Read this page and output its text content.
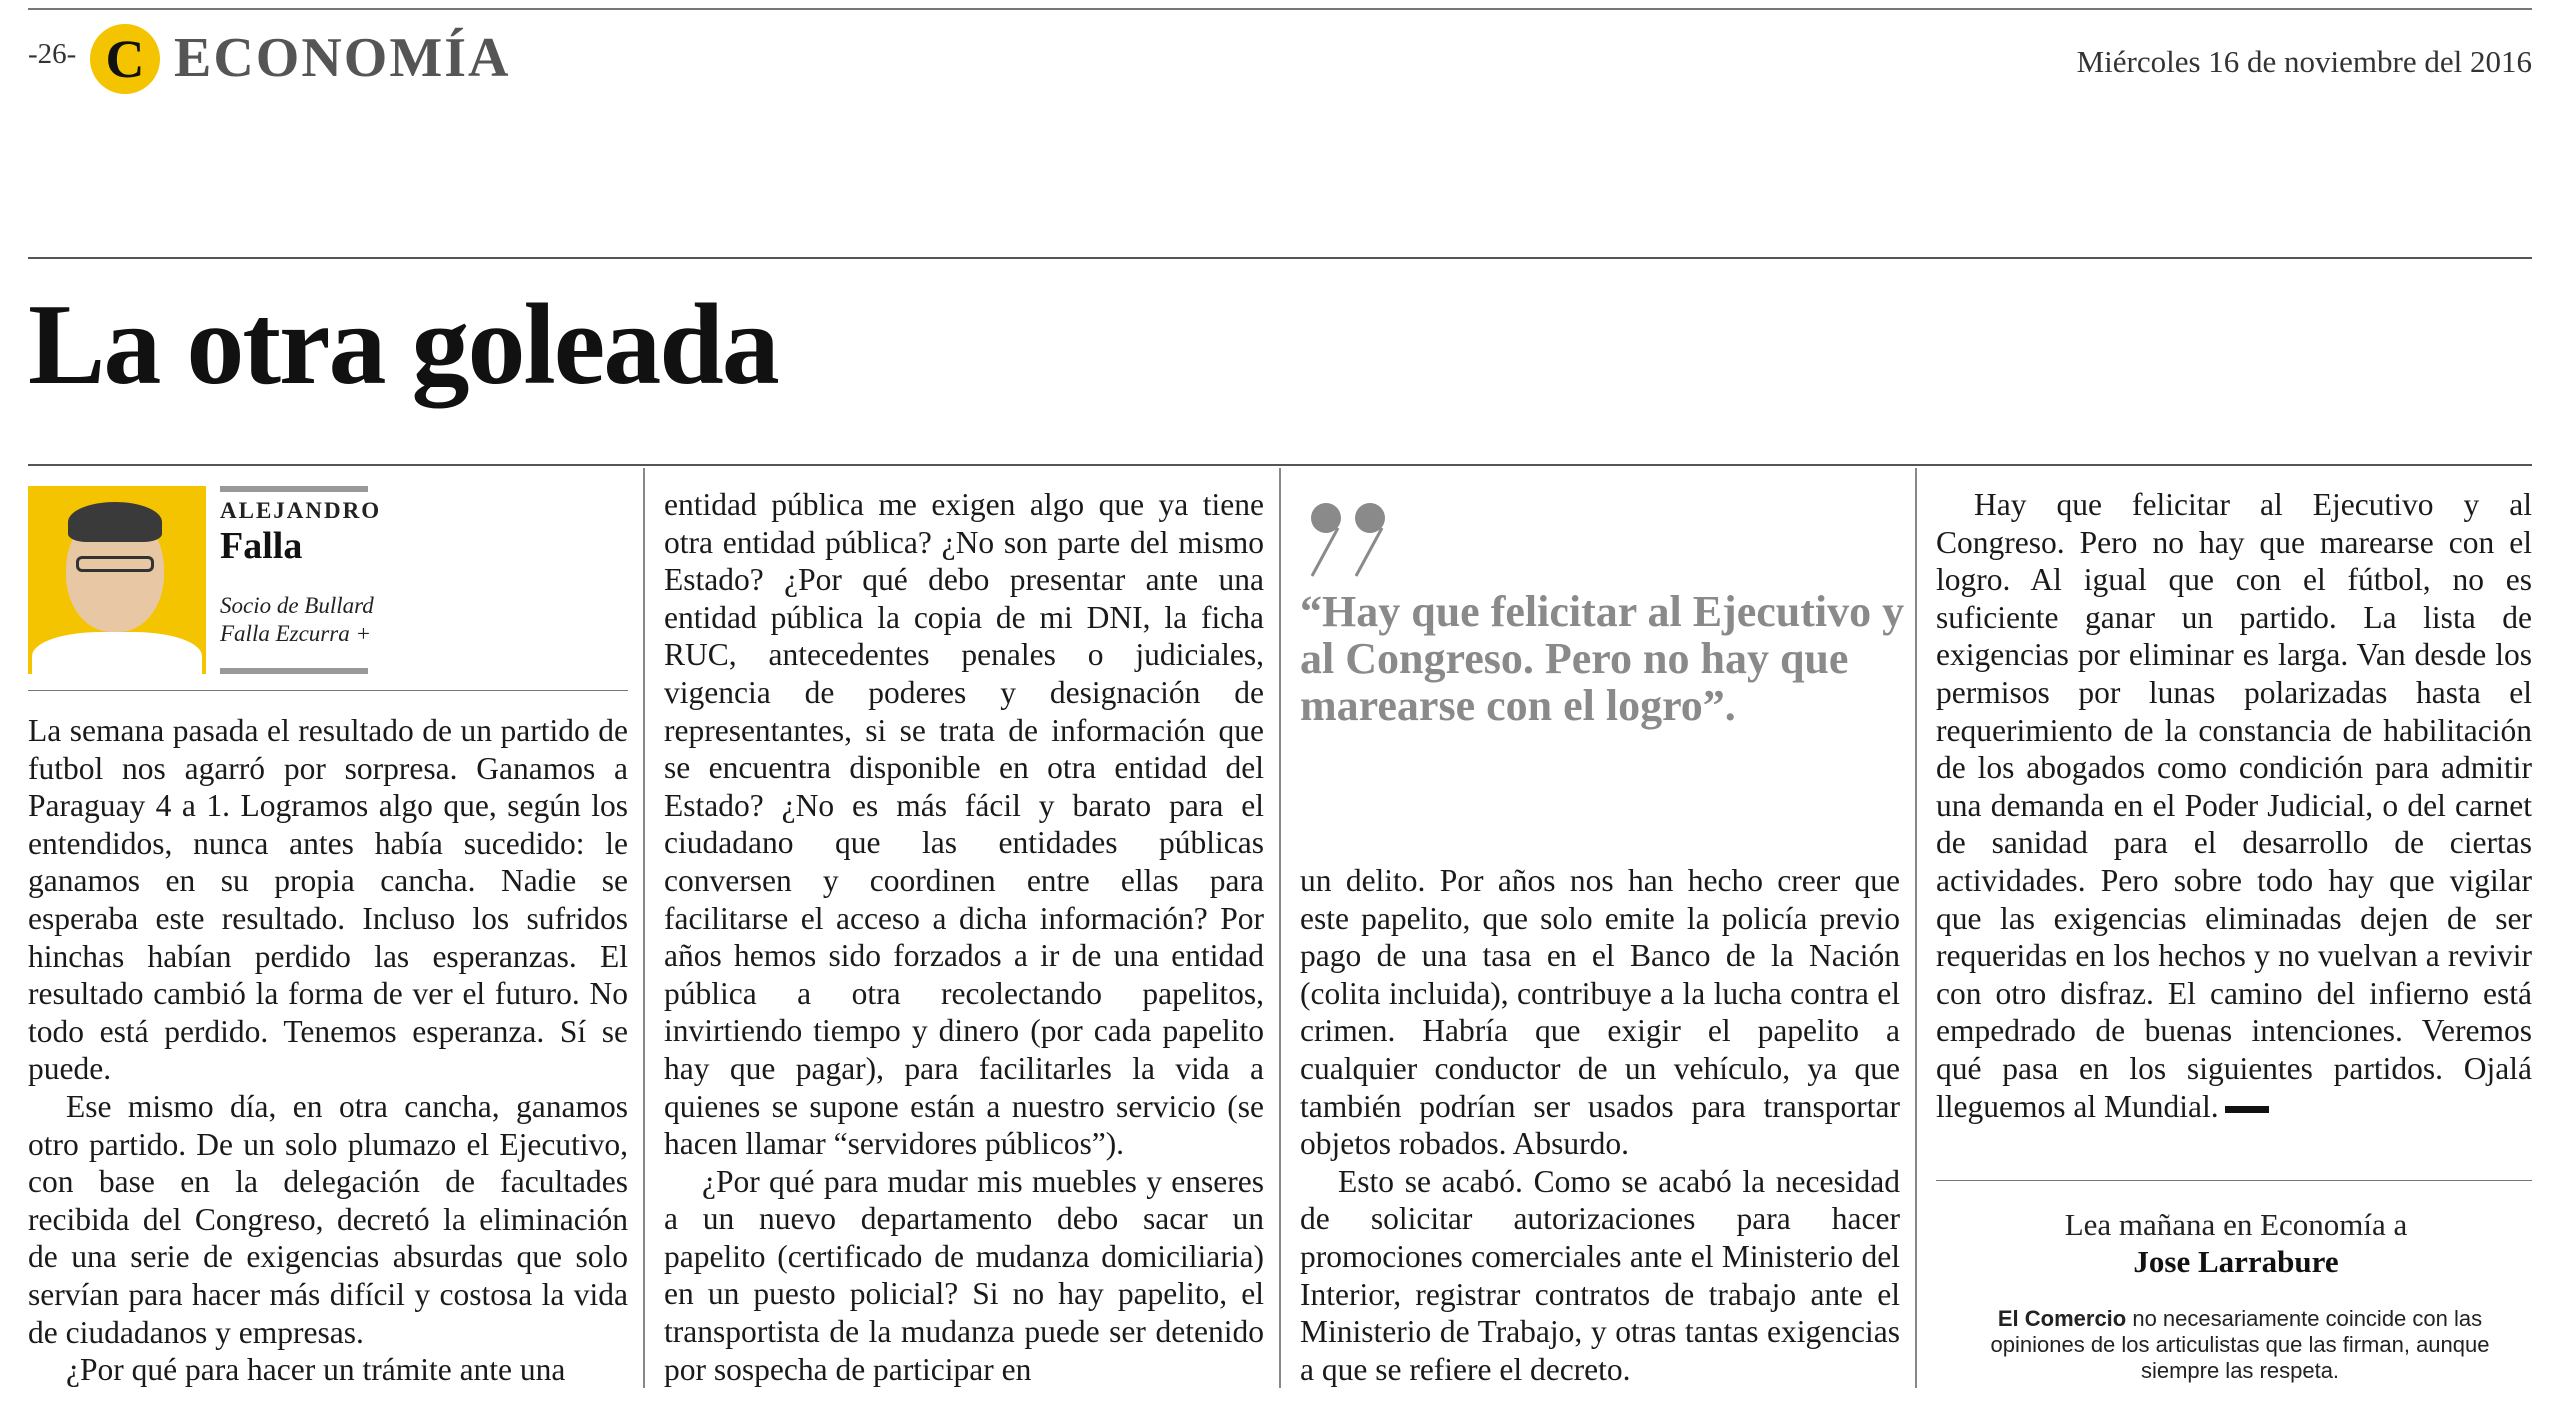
-26- C ECONOMÍA	Miércoles 16 de noviembre del 2016
La otra goleada
ALEJANDRO
Falla
Socio de Bullard
Falla Ezcurra +

La semana pasada el resultado de un partido de futbol nos agarró por sorpresa. Ganamos a Paraguay 4 a 1. Logramos algo que, según los entendidos, nunca antes había sucedido: le ganamos en su propia cancha. Nadie se esperaba este resultado. Incluso los sufridos hinchas habían perdido las esperanzas. El resultado cambió la forma de ver el futuro. No todo está perdido. Tenemos esperanza. Sí se puede.

Ese mismo día, en otra cancha, ganamos otro partido. De un solo plumazo el Ejecutivo, con base en la delegación de facultades recibida del Congreso, decretó la eliminación de una serie de exigencias absurdas que solo servían para hacer más difícil y costosa la vida de ciudadanos y empresas.

¿Por qué para hacer un trámite ante una

entidad pública me exigen algo que ya tiene otra entidad pública? ¿No son parte del mismo Estado? ¿Por qué debo presentar ante una entidad pública la copia de mi DNI, la ficha RUC, antecedentes penales o judiciales, vigencia de poderes y designación de representantes, si se trata de información que se encuentra disponible en otra entidad del Estado? ¿No es más fácil y barato para el ciudadano que las entidades públicas conversen y coordinen entre ellas para facilitarse el acceso a dicha información? Por años hemos sido forzados a ir de una entidad pública a otra recolectando papelitos, invirtiendo tiempo y dinero (por cada papelito hay que pagar), para facilitarles la vida a quienes se supone están a nuestro servicio (se hacen llamar “servidores públicos”).

¿Por qué para mudar mis muebles y enseres a un nuevo departamento debo sacar un papelito (certificado de mudanza domiciliaria) en un puesto policial? Si no hay papelito, el transportista de la mudanza puede ser detenido por sospecha de participar en

“Hay que felicitar al Ejecutivo y al Congreso. Pero no hay que marearse con el logro”.

un delito. Por años nos han hecho creer que este papelito, que solo emite la policía previo pago de una tasa en el Banco de la Nación (colita incluida), contribuye a la lucha contra el crimen. Habría que exigir el papelito a cualquier conductor de un vehículo, ya que también podrían ser usados para transportar objetos robados. Absurdo.

Esto se acabó. Como se acabó la necesidad de solicitar autorizaciones para hacer promociones comerciales ante el Ministerio del Interior, registrar contratos de trabajo ante el Ministerio de Trabajo, y otras tantas exigencias a que se refiere el decreto.

Hay que felicitar al Ejecutivo y al Congreso. Pero no hay que marearse con el logro. Al igual que con el fútbol, no es suficiente ganar un partido. La lista de exigencias por eliminar es larga. Van desde los permisos por lunas polarizadas hasta el requerimiento de la constancia de habilitación de los abogados como condición para admitir una demanda en el Poder Judicial, o del carnet de sanidad para el desarrollo de ciertas actividades. Pero sobre todo hay que vigilar que las exigencias eliminadas dejen de ser requeridas en los hechos y no vuelvan a revivir con otro disfraz. El camino del infierno está empedrado de buenas intenciones. Veremos qué pasa en los siguientes partidos. Ojalá lleguemos al Mundial.

Lea mañana en Economía a
Jose Larrabure
El Comercio no necesariamente coincide con las opiniones de los articulistas que las firman, aunque siempre las respeta.
